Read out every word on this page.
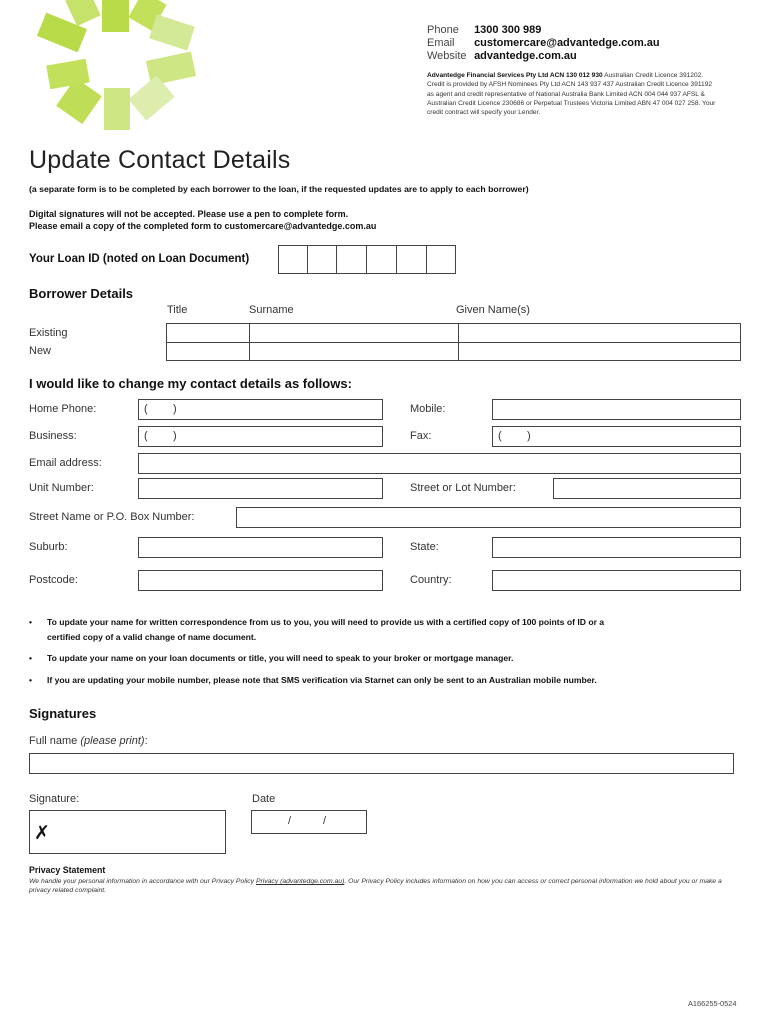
Phone 1300 300 989
Email customercare@advantedge.com.au
Website advantedge.com.au
Advantedge Financial Services Pty Ltd ACN 130 012 930 Australian Credit Licence 391202. Credit is provided by AFSH Nominees Pty Ltd ACN 143 937 437 Australian Credit Licence 391192 as agent and credit representative of National Australia Bank Limited ACN 004 044 937 AFSL & Australian Credit Licence 230686 or Perpetual Trustees Victoria Limited ABN 47 004 027 258. Your credit contract will specify your Lender.
Update Contact Details
(a separate form is to be completed by each borrower to the loan, if the requested updates are to apply to each borrower)
Digital signatures will not be accepted. Please use a pen to complete form.
Please email a copy of the completed form to customercare@advantedge.com.au
Your Loan ID (noted on Loan Document)
Borrower Details
Title	Surname	Given Name(s)
Existing
New
I would like to change my contact details as follows:
Home Phone:	( )	Mobile:
Business:	( )	Fax:	( )
Email address:
Unit Number:	Street or Lot Number:
Street Name or P.O. Box Number:
Suburb:	State:
Postcode:	Country:
• To update your name for written correspondence from us to you, you will need to provide us with a certified copy of 100 points of ID or a
certified copy of a valid change of name document.
• To update your name on your loan documents or title, you will need to speak to your broker or mortgage manager.
• If you are updating your mobile number, please note that SMS verification via Starnet can only be sent to an Australian mobile number.
Signatures
Full name (please print):
Signature:
✗
Date
/	/
Privacy Statement
We handle your personal information in accordance with our Privacy Policy Privacy (advantedge.com.au). Our Privacy Policy includes information on how you can access or correct personal information we hold about you or make a privacy related complaint.
A166255-0524
